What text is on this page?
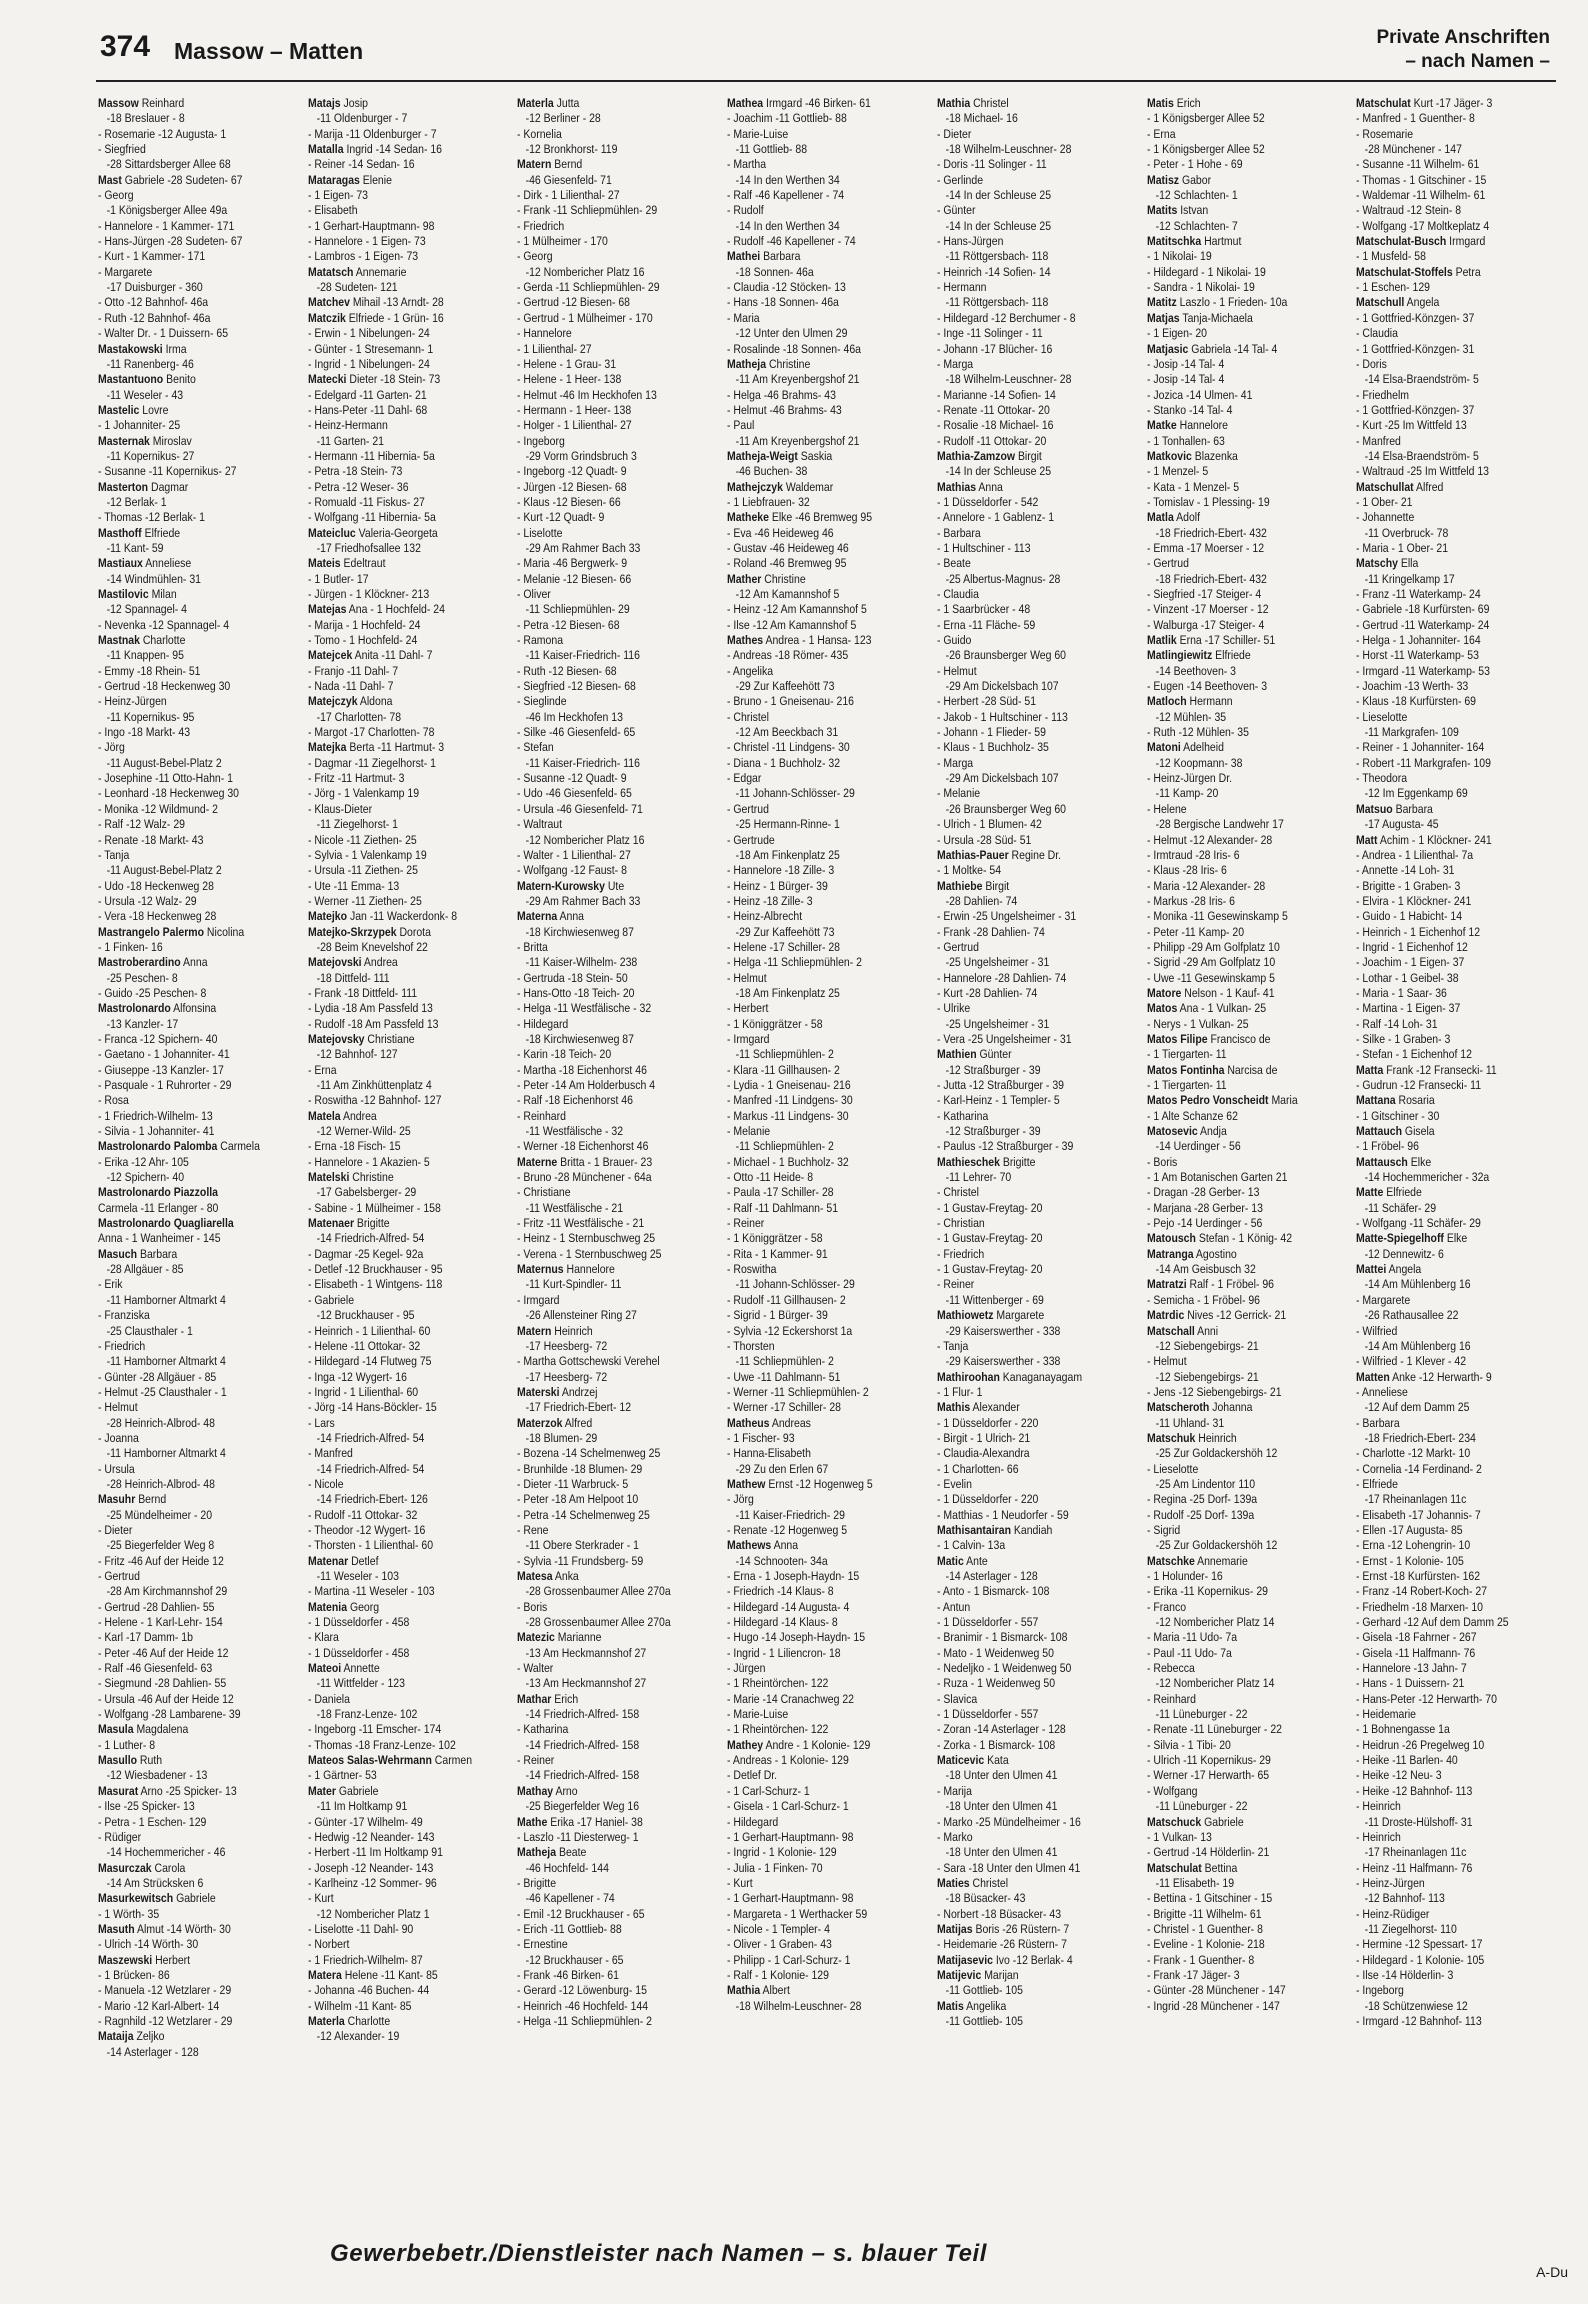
374 Massow – Matten
Private Anschriften
– nach Namen –
Massow Reinhard
-18 Breslauer - 8
- Rosemarie -12 Augusta- 1
- Siegfried
-28 Sittardsberger Allee 68
Mast Gabriele -28 Sudeten- 67
- Georg
-1 Königsberger Allee 49a
- Hannelore - 1 Kammer- 171
- Hans-Jürgen -28 Sudeten- 67
- Kurt - 1 Kammer- 171
- Margarete
-17 Duisburger - 360
- Otto -12 Bahnhof- 46a
- Ruth -12 Bahnhof- 46a
- Walter Dr. - 1 Duissern- 65
Mastakowski Irma
-11 Ranenberg- 46
Mastantuono Benito
-11 Weseler - 43
Mastelic Lovre
- 1 Johanniter- 25
Masternak Miroslav
-11 Kopernikus- 27
- Susanne -11 Kopernikus- 27
Masterton Dagmar
-12 Berlak- 1
- Thomas -12 Berlak- 1
Masthoff Elfriede
-11 Kant- 59
Mastiaux Anneliese
-14 Windmühlen- 31
Mastilovic Milan
-12 Spannagel- 4
- Nevenka -12 Spannagel- 4
Mastnak Charlotte
-11 Knappen- 95
- Emmy -18 Rhein- 51
- Gertrud -18 Heckenweg 30
- Heinz-Jürgen
-11 Kopernikus- 95
- Ingo -18 Markt- 43
- Jörg
-11 August-Bebel-Platz 2
- Josephine -11 Otto-Hahn- 1
- Leonhard -18 Heckenweg 30
- Monika -12 Wildmund- 2
- Ralf -12 Walz- 29
- Renate -18 Markt- 43
- Tanja
-11 August-Bebel-Platz 2
- Udo -18 Heckenweg 28
- Ursula -12 Walz- 29
- Vera -18 Heckenweg 28
Mastrangelo Palermo Nicolina
- 1 Finken- 16
Mastroberardino Anna
-25 Peschen- 8
- Guido -25 Peschen- 8
Mastrolonardo Alfonsina
-13 Kanzler- 17
- Franca -12 Spichern- 40
- Gaetano - 1 Johanniter- 41
- Giuseppe -13 Kanzler- 17
- Pasquale - 1 Ruhrorter - 29
- Rosa
- 1 Friedrich-Wilhelm- 13
- Silvia - 1 Johanniter- 41
Mastrolonardo Palomba Carmela
- Erika -12 Ahr- 105
-12 Spichern- 40
Mastrolonardo Piazzolla
Carmela -11 Erlanger - 80
Mastrolonardo Quagliarella
Anna - 1 Wanheimer - 145
Masuch Barbara
-28 Allgäuer - 85
- Erik
-11 Hamborner Altmarkt 4
- Franziska
-25 Clausthaler - 1
- Friedrich
-11 Hamborner Altmarkt 4
- Günter -28 Allgäuer - 85
- Helmut -25 Clausthaler - 1
- Helmut
-28 Heinrich-Albrod- 48
- Joanna
-11 Hamborner Altmarkt 4
- Ursula
-28 Heinrich-Albrod- 48
Masuhr Bernd
-25 Mündelheimer - 20
- Dieter
-25 Biegerfelder Weg 8
- Fritz -46 Auf der Heide 12
- Gertrud
-28 Am Kirchmannshof 29
- Gertrud -28 Dahlien- 55
- Helene - 1 Karl-Lehr- 154
- Karl -17 Damm- 1b
- Peter -46 Auf der Heide 12
- Ralf -46 Giesenfeld- 63
- Siegmund -28 Dahlien- 55
- Ursula -46 Auf der Heide 12
- Wolfgang -28 Lambarene- 39
Masula Magdalena
- 1 Luther- 8
Masullo Ruth
-12 Wiesbadener - 13
Masurat Arno -25 Spicker- 13
- Ilse -25 Spicker- 13
- Petra - 1 Eschen- 129
- Rüdiger
-14 Hochemmericher - 46
Masurczak Carola
-14 Am Strücksken 6
Masurkewitsch Gabriele
- 1 Wörth- 35
Masuth Almut -14 Wörth- 30
- Ulrich -14 Wörth- 30
Maszewski Herbert
- 1 Brücken- 86
- Manuela -12 Wetzlarer - 29
- Mario -12 Karl-Albert- 14
- Ragnhild -12 Wetzlarer - 29
Mataija Zeljko
-14 Asterlager - 128
Matajs Josip
-11 Oldenburger - 7
- Marija -11 Oldenburger - 7
Matalla Ingrid -14 Sedan- 16
- Reiner -14 Sedan- 16
Mataragas Elenie
- 1 Eigen- 73
- Elisabeth
- 1 Gerhart-Hauptmann- 98
- Hannelore - 1 Eigen- 73
- Lambros - 1 Eigen- 73
Matatsch Annemarie
-28 Sudeten- 121
Matchev Mihail -13 Arndt- 28
Matczik Elfriede - 1 Grün- 16
- Erwin - 1 Nibelungen- 24
- Günter - 1 Stresemann- 1
- Ingrid - 1 Nibelungen- 24
Matecki Dieter -18 Stein- 73
- Edelgard -11 Garten- 21
- Hans-Peter -11 Dahl- 68
- Heinz-Hermann
-11 Garten- 21
- Hermann -11 Hibernia- 5a
- Petra -18 Stein- 73
- Petra -12 Weser- 36
- Romuald -11 Fiskus- 27
- Wolfgang -11 Hibernia- 5a
Mateicluc Valeria-Georgeta
-17 Friedhofsallee 132
Mateis Edeltraut
- 1 Butler- 17
- Jürgen - 1 Klöckner- 213
Matejas Ana - 1 Hochfeld- 24
- Marija - 1 Hochfeld- 24
- Tomo - 1 Hochfeld- 24
Matejcek Anita -11 Dahl- 7
- Franjo -11 Dahl- 7
- Nada -11 Dahl- 7
Matejczyk Aldona
-17 Charlotten- 78
- Margot -17 Charlotten- 78
Matejka Berta -11 Hartmut- 3
- Dagmar -11 Ziegelhorst- 1
- Fritz -11 Hartmut- 3
- Jörg - 1 Valenkamp 19
- Klaus-Dieter
-11 Ziegelhorst- 1
- Nicole -11 Ziethen- 25
- Sylvia - 1 Valenkamp 19
- Ursula -11 Ziethen- 25
- Ute -11 Emma- 13
- Werner -11 Ziethen- 25
Matejko Jan -11 Wackerdonk- 8
Matejko-Skrzypek Dorota
-28 Beim Knevelshof 22
Matejovski Andrea
-18 Dittfeld- 111
- Frank -18 Dittfeld- 111
- Lydia -18 Am Passfeld 13
- Rudolf -18 Am Passfeld 13
Matejovsky Christiane
-12 Bahnhof- 127
- Erna
-11 Am Zinkhüttenplatz 4
- Roswitha -12 Bahnhof- 127
Matela Andrea
-12 Werner-Wild- 25
- Erna -18 Fisch- 15
- Hannelore - 1 Akazien- 5
Matelski Christine
-17 Gabelsberger- 29
- Sabine - 1 Mülheimer - 158
Matenaer Brigitte
-14 Friedrich-Alfred- 54
- Dagmar -25 Kegel- 92a
- Detlef -12 Bruckhauser - 95
- Elisabeth - 1 Wintgens- 118
- Gabriele
-12 Bruckhauser - 95
- Heinrich - 1 Lilienthal- 60
- Helene -11 Ottokar- 32
- Hildegard -14 Flutweg 75
- Inga -12 Wygert- 16
- Ingrid - 1 Lilienthal- 60
- Jörg -14 Hans-Böckler- 15
- Lars
-14 Friedrich-Alfred- 54
- Manfred
-14 Friedrich-Alfred- 54
- Nicole
-14 Friedrich-Ebert- 126
- Rudolf -11 Ottokar- 32
- Theodor -12 Wygert- 16
- Thorsten - 1 Lilienthal- 60
Matenar Detlef
-11 Weseler - 103
- Martina -11 Weseler - 103
Matenia Georg
- 1 Düsseldorfer - 458
- Klara
- 1 Düsseldorfer - 458
Mateoi Annette
-11 Wittfelder - 123
- Daniela
-18 Franz-Lenze- 102
- Ingeborg -11 Emscher- 174
- Thomas -18 Franz-Lenze- 102
Mateos Salas-Wehrmann Carmen
- 1 Gärtner- 53
Mater Gabriele
-11 Im Holtkamp 91
- Günter -17 Wilhelm- 49
- Hedwig -12 Neander- 143
- Herbert -11 Im Holtkamp 91
- Joseph -12 Neander- 143
- Karlheinz -12 Sommer- 96
- Kurt
-12 Nombericher Platz 1
- Liselotte -11 Dahl- 90
- Norbert
- 1 Friedrich-Wilhelm- 87
Matera Helene -11 Kant- 85
- Johanna -46 Buchen- 44
- Wilhelm -11 Kant- 85
Materla Charlotte
-12 Alexander- 19
Materla Jutta
-12 Berliner - 28
- Kornelia
-12 Bronkhorst- 119
Matern Bernd
-46 Giesenfeld- 71
- Dirk - 1 Lilienthal- 27
- Frank -11 Schliepmühlen- 29
- Friedrich
- 1 Mülheimer - 170
- Georg
-12 Nombericher Platz 16
- Gerda -11 Schliepmühlen- 29
- Gertrud -12 Biesen- 68
- Gertrud - 1 Mülheimer - 170
- Hannelore
- 1 Lilienthal- 27
- Helene - 1 Grau- 31
- Helene - 1 Heer- 138
- Helmut -46 Im Heckhofen 13
- Hermann - 1 Heer- 138
- Holger - 1 Lilienthal- 27
- Ingeborg
-29 Vorm Grindsbruch 3
- Ingeborg -12 Quadt- 9
- Jürgen -12 Biesen- 68
- Klaus -12 Biesen- 66
- Kurt -12 Quadt- 9
- Liselotte
-29 Am Rahmer Bach 33
- Maria -46 Bergwerk- 9
- Melanie -12 Biesen- 66
- Oliver
-11 Schliepmühlen- 29
- Petra -12 Biesen- 68
- Ramona
-11 Kaiser-Friedrich- 116
- Ruth -12 Biesen- 68
- Siegfried -12 Biesen- 68
- Sieglinde
-46 Im Heckhofen 13
- Silke -46 Giesenfeld- 65
- Stefan
-11 Kaiser-Friedrich- 116
- Susanne -12 Quadt- 9
- Udo -46 Giesenfeld- 65
- Ursula -46 Giesenfeld- 71
- Waltraut
-12 Nombericher Platz 16
- Walter - 1 Lilienthal- 27
- Wolfgang -12 Faust- 8
Matern-Kurowsky Ute
-29 Am Rahmer Bach 33
Materna Anna
-18 Kirchwiesenweg 87
- Britta
-11 Kaiser-Wilhelm- 238
- Gertruda -18 Stein- 50
- Hans-Otto -18 Teich- 20
- Helga -11 Westfälische - 32
- Hildegard
-18 Kirchwiesenweg 87
- Karin -18 Teich- 20
- Martha -18 Eichenhorst 46
- Peter -14 Am Holderbusch 4
- Ralf -18 Eichenhorst 46
- Reinhard
-11 Westfälische - 32
- Werner -18 Eichenhorst 46
Materne Britta - 1 Brauer- 23
- Bruno -28 Münchener - 64a
- Christiane
-11 Westfälische - 21
- Fritz -11 Westfälische - 21
- Heinz - 1 Sternbuschweg 25
- Verena - 1 Sternbuschweg 25
Maternus Hannelore
-11 Kurt-Spindler- 11
- Irmgard
-26 Allensteiner Ring 27
Matern Heinrich
-17 Heesberg- 72
- Martha Gottschewski Verehel
-17 Heesberg- 72
Materski Andrzej
-17 Friedrich-Ebert- 12
Materzok Alfred
-18 Blumen- 29
- Bozena -14 Schelmenweg 25
- Brunhilde -18 Blumen- 29
- Dieter -11 Warbruck- 5
- Peter -18 Am Helpoot 10
- Petra -14 Schelmenweg 25
- Rene
-11 Obere Sterkrader - 1
- Sylvia -11 Frundsberg- 59
Matesa Anka
-28 Grossenbaumer Allee 270a
- Boris
-28 Grossenbaumer Allee 270a
Matezic Marianne
-13 Am Heckmannshof 27
- Walter
-13 Am Heckmannshof 27
Mathar Erich
-14 Friedrich-Alfred- 158
- Katharina
-14 Friedrich-Alfred- 158
- Reiner
-14 Friedrich-Alfred- 158
Mathay Arno
-25 Biegerfelder Weg 16
Mathe Erika -17 Haniel- 38
- Laszlo -11 Diesterweg- 1
Matheja Beate
-46 Hochfeld- 144
- Brigitte
-46 Kapellener - 74
- Emil -12 Bruckhauser - 65
- Erich -11 Gottlieb- 88
- Ernestine
-12 Bruckhauser - 65
- Frank -46 Birken- 61
- Gerard -12 Löwenburg- 15
- Heinrich -46 Hochfeld- 144
- Helga -11 Schliepmühlen- 2
Mathea Irmgard -46 Birken- 61
- Joachim -11 Gottlieb- 88
- Marie-Luise
-11 Gottlieb- 88
- Martha
-14 In den Werthen 34
- Ralf -46 Kapellener - 74
- Rudolf
-14 In den Werthen 34
- Rudolf -46 Kapellener - 74
Mathei Barbara
-18 Sonnen- 46a
- Claudia -12 Stöcken- 13
- Hans -18 Sonnen- 46a
- Maria
-12 Unter den Ulmen 29
- Rosalinde -18 Sonnen- 46a
Matheja Christine
-11 Am Kreyenbergshof 21
- Helga -46 Brahms- 43
- Helmut -46 Brahms- 43
- Paul
-11 Am Kreyenbergshof 21
Matheja-Weigt Saskia
-46 Buchen- 38
Mathejczyk Waldemar
- 1 Liebfrauen- 32
Matheke Elke -46 Bremweg 95
- Eva -46 Heideweg 46
- Gustav -46 Heideweg 46
- Roland -46 Bremweg 95
Mather Christine
-12 Am Kamannshof 5
- Heinz -12 Am Kamannshof 5
- Ilse -12 Am Kamannshof 5
Mathes Andrea - 1 Hansa- 123
- Andreas -18 Römer- 435
- Angelika
-29 Zur Kaffeehött 73
- Bruno - 1 Gneisenau- 216
- Christel
-12 Am Beeckbach 31
- Christel -11 Lindgens- 30
- Diana - 1 Buchholz- 32
- Edgar
-11 Johann-Schlösser- 29
- Gertrud
-25 Hermann-Rinne- 1
- Gertrude
-18 Am Finkenplatz 25
- Hannelore -18 Zille- 3
- Heinz - 1 Bürger- 39
- Heinz -18 Zille- 3
- Heinz-Albrecht
-29 Zur Kaffeehött 73
- Helene -17 Schiller- 28
- Helga -11 Schliepmühlen- 2
- Helmut
-18 Am Finkenplatz 25
- Herbert
- 1 Königgrätzer - 58
- Irmgard
-11 Schliepmühlen- 2
- Klara -11 Gillhausen- 2
- Lydia - 1 Gneisenau- 216
- Manfred -11 Lindgens- 30
- Markus -11 Lindgens- 30
- Melanie
-11 Schliepmühlen- 2
- Michael - 1 Buchholz- 32
- Otto -11 Heide- 8
- Paula -17 Schiller- 28
- Ralf -11 Dahlmann- 51
- Reiner
- 1 Königgrätzer - 58
- Rita - 1 Kammer- 91
- Roswitha
-11 Johann-Schlösser- 29
- Rudolf -11 Gillhausen- 2
- Sigrid - 1 Bürger- 39
- Sylvia -12 Eckershorst 1a
- Thorsten
-11 Schliepmühlen- 2
- Uwe -11 Dahlmann- 51
- Werner -11 Schliepmühlen- 2
- Werner -17 Schiller- 28
Matheus Andreas
- 1 Fischer- 93
- Hanna-Elisabeth
-29 Zu den Erlen 67
Mathew Ernst -12 Hogenweg 5
- Jörg
-11 Kaiser-Friedrich- 29
- Renate -12 Hogenweg 5
Mathews Anna
-14 Schnooten- 34a
- Erna - 1 Joseph-Haydn- 15
- Friedrich -14 Klaus- 8
- Hildegard -14 Augusta- 4
- Hildegard -14 Klaus- 8
- Hugo -14 Joseph-Haydn- 15
- Ingrid - 1 Liliencron- 18
- Jürgen
- 1 Rheintörchen- 122
- Marie -14 Cranachweg 22
- Marie-Luise
- 1 Rheintörchen- 122
Mathey Andre - 1 Kolonie- 129
- Andreas - 1 Kolonie- 129
- Detlef Dr.
- 1 Carl-Schurz- 1
- Gisela - 1 Carl-Schurz- 1
- Hildegard
- 1 Gerhart-Hauptmann- 98
- Ingrid - 1 Kolonie- 129
- Julia - 1 Finken- 70
- Kurt
- 1 Gerhart-Hauptmann- 98
- Margareta - 1 Werthacker 59
- Nicole - 1 Templer- 4
- Oliver - 1 Graben- 43
- Philipp - 1 Carl-Schurz- 1
- Ralf - 1 Kolonie- 129
Mathia Albert
-18 Wilhelm-Leuschner- 28
Mathia Christel
-18 Michael- 16
- Dieter
-18 Wilhelm-Leuschner- 28
- Doris -11 Solinger - 11
- Gerlinde
-14 In der Schleuse 25
- Günter
-14 In der Schleuse 25
- Hans-Jürgen
-11 Röttgersbach- 118
- Heinrich -14 Sofien- 14
- Hermann
-11 Röttgersbach- 118
- Hildegard -12 Berchumer - 8
- Inge -11 Solinger - 11
- Johann -17 Blücher- 16
- Marga
-18 Wilhelm-Leuschner- 28
- Marianne -14 Sofien- 14
- Renate -11 Ottokar- 20
- Rosalie -18 Michael- 16
- Rudolf -11 Ottokar- 20
Mathia-Zamzow Birgit
-14 In der Schleuse 25
Mathias Anna
- 1 Düsseldorfer - 542
- Annelore - 1 Gablenz- 1
- Barbara
- 1 Hultschiner - 113
- Beate
-25 Albertus-Magnus- 28
- Claudia
- 1 Saarbrücker - 48
- Erna -11 Fläche- 59
- Guido
-26 Braunsberger Weg 60
- Helmut
-29 Am Dickelsbach 107
- Herbert -28 Süd- 51
- Jakob - 1 Hultschiner - 113
- Johann - 1 Flieder- 59
- Klaus - 1 Buchholz- 35
- Marga
-29 Am Dickelsbach 107
- Melanie
-26 Braunsberger Weg 60
- Ulrich - 1 Blumen- 42
- Ursula -28 Süd- 51
Mathias-Pauer Regine Dr.
- 1 Moltke- 54
Mathiebe Birgit
-28 Dahlien- 74
- Erwin -25 Ungelsheimer - 31
- Frank -28 Dahlien- 74
- Gertrud
-25 Ungelsheimer - 31
- Hannelore -28 Dahlien- 74
- Kurt -28 Dahlien- 74
- Ulrike
-25 Ungelsheimer - 31
- Vera -25 Ungelsheimer - 31
Mathien Günter
-12 Straßburger - 39
- Jutta -12 Straßburger - 39
- Karl-Heinz - 1 Templer- 5
- Katharina
-12 Straßburger - 39
- Paulus -12 Straßburger - 39
Mathieschek Brigitte
-11 Lehrer- 70
- Christel
- 1 Gustav-Freytag- 20
- Christian
- 1 Gustav-Freytag- 20
- Friedrich
- 1 Gustav-Freytag- 20
- Reiner
-11 Wittenberger - 69
Mathiowetz Margarete
-29 Kaiserswerther - 338
- Tanja
-29 Kaiserswerther - 338
Mathiroohan Kanaganayagam
- 1 Flur- 1
Mathis Alexander
- 1 Düsseldorfer - 220
- Birgit - 1 Ulrich- 21
- Claudia-Alexandra
- 1 Charlotten- 66
- Evelin
- 1 Düsseldorfer - 220
- Matthias - 1 Neudorfer - 59
Mathisantairan Kandiah
- 1 Calvin- 13a
Matic Ante
-14 Asterlager - 128
- Anto - 1 Bismarck- 108
- Antun
- 1 Düsseldorfer - 557
- Branimir - 1 Bismarck- 108
- Mato - 1 Weidenweg 50
- Nedeljko - 1 Weidenweg 50
- Ruza - 1 Weidenweg 50
- Slavica
- 1 Düsseldorfer - 557
- Zoran -14 Asterlager - 128
- Zorka - 1 Bismarck- 108
Maticevic Kata
-18 Unter den Ulmen 41
- Marija
-18 Unter den Ulmen 41
- Marko -25 Mündelheimer - 16
- Marko
-18 Unter den Ulmen 41
- Sara -18 Unter den Ulmen 41
Maties Christel
-18 Büsacker- 43
- Norbert -18 Büsacker- 43
Matijas Boris -26 Rüstern- 7
- Heidemarie -26 Rüstern- 7
Matijasevic Ivo -12 Berlak- 4
Matijevic Marijan
-11 Gottlieb- 105
Matis Angelika
-11 Gottlieb- 105
Matis Erich
- 1 Königsberger Allee 52
- Erna
- 1 Königsberger Allee 52
- Peter - 1 Hohe - 69
Matisz Gabor
-12 Schlachten- 1
Matits Istvan
-12 Schlachten- 7
Matitschka Hartmut
- 1 Nikolai- 19
- Hildegard - 1 Nikolai- 19
- Sandra - 1 Nikolai- 19
Matitz Laszlo - 1 Frieden- 10a
Matjas Tanja-Michaela
- 1 Eigen- 20
Matjasic Gabriela -14 Tal- 4
- Josip -14 Tal- 4
- Josip -14 Tal- 4
- Jozica -14 Ulmen- 41
- Stanko -14 Tal- 4
Matke Hannelore
- 1 Tonhallen- 63
Matkovic Blazenka
- 1 Menzel- 5
- Kata - 1 Menzel- 5
- Tomislav - 1 Plessing- 19
Matla Adolf
-18 Friedrich-Ebert- 432
- Emma -17 Moerser - 12
- Gertrud
-18 Friedrich-Ebert- 432
- Siegfried -17 Steiger- 4
- Vinzent -17 Moerser - 12
- Walburga -17 Steiger- 4
Matlik Erna -17 Schiller- 51
Matlingiewitz Elfriede
-14 Beethoven- 3
- Eugen -14 Beethoven- 3
Matloch Hermann
-12 Mühlen- 35
- Ruth -12 Mühlen- 35
Matoni Adelheid
-12 Koopmann- 38
- Heinz-Jürgen Dr.
-11 Kamp- 20
- Helene
-28 Bergische Landwehr 17
- Helmut -12 Alexander- 28
- Irmtraud -28 Iris- 6
- Klaus -28 Iris- 6
- Maria -12 Alexander- 28
- Markus -28 Iris- 6
- Monika -11 Gesewinskamp 5
- Peter -11 Kamp- 20
- Philipp -29 Am Golfplatz 10
- Sigrid -29 Am Golfplatz 10
- Uwe -11 Gesewinskamp 5
Matore Nelson - 1 Kauf- 41
Matos Ana - 1 Vulkan- 25
- Nerys - 1 Vulkan- 25
Matos Filipe Francisco de
- 1 Tiergarten- 11
Matos Fontinha Narcisa de
- 1 Tiergarten- 11
Matos Pedro Vonscheidt Maria
- 1 Alte Schanze 62
Matosevic Andja
-14 Uerdinger - 56
- Boris
- 1 Am Botanischen Garten 21
- Dragan -28 Gerber- 13
- Marjana -28 Gerber- 13
- Pejo -14 Uerdinger - 56
Matousch Stefan - 1 König- 42
Matranga Agostino
-14 Am Geisbusch 32
Matratzi Ralf - 1 Fröbel- 96
- Semicha - 1 Fröbel- 96
Matrdic Nives -12 Gerrick- 21
Matschall Anni
-12 Siebengebirgs- 21
- Helmut
-12 Siebengebirgs- 21
- Jens -12 Siebengebirgs- 21
Matscheroth Johanna
-11 Uhland- 31
Matschuk Heinrich
-25 Zur Goldackershöh 12
- Lieselotte
-25 Am Lindentor 110
- Regina -25 Dorf- 139a
- Rudolf -25 Dorf- 139a
- Sigrid
-25 Zur Goldackershöh 12
Matschke Annemarie
- 1 Holunder- 16
- Erika -11 Kopernikus- 29
- Franco
-12 Nombericher Platz 14
- Maria -11 Udo- 7a
- Paul -11 Udo- 7a
- Rebecca
-12 Nombericher Platz 14
- Reinhard
-11 Lüneburger - 22
- Renate -11 Lüneburger - 22
- Silvia - 1 Tibi- 20
- Ulrich -11 Kopernikus- 29
- Werner -17 Herwarth- 65
- Wolfgang
-11 Lüneburger - 22
Matschuck Gabriele
- 1 Vulkan- 13
- Gertrud -14 Hölderlin- 21
Matschulat Bettina
-11 Elisabeth- 19
- Bettina - 1 Gitschiner - 15
- Brigitte -11 Wilhelm- 61
- Christel - 1 Guenther- 8
- Eveline - 1 Kolonie- 218
- Frank - 1 Guenther- 8
- Frank -17 Jäger- 3
- Günter -28 Münchener - 147
- Ingrid -28 Münchener - 147
Matschulat Kurt -17 Jäger- 3
- Manfred - 1 Guenther- 8
- Rosemarie
-28 Münchener - 147
- Susanne -11 Wilhelm- 61
- Thomas - 1 Gitschiner - 15
- Waldemar -11 Wilhelm- 61
- Waltraud -12 Stein- 8
- Wolfgang -17 Moltkeplatz 4
Matschulat-Busch Irmgard
- 1 Musfeld- 58
Matschulat-Stoffels Petra
- 1 Eschen- 129
Matschull Angela
- 1 Gottfried-Könzgen- 37
- Claudia
- 1 Gottfried-Könzgen- 31
- Doris
-14 Elsa-Braendström- 5
- Friedhelm
- 1 Gottfried-Könzgen- 37
- Kurt -25 Im Wittfeld 13
- Manfred
-14 Elsa-Braendström- 5
- Waltraud -25 Im Wittfeld 13
Matschullat Alfred
- 1 Ober- 21
- Johannette
-11 Overbruck- 78
- Maria - 1 Ober- 21
Matschy Ella
-11 Kringelkamp 17
- Franz -11 Waterkamp- 24
- Gabriele -18 Kurfürsten- 69
- Gertrud -11 Waterkamp- 24
- Helga - 1 Johanniter- 164
- Horst -11 Waterkamp- 53
- Irmgard -11 Waterkamp- 53
- Joachim -13 Werth- 33
- Klaus -18 Kurfürsten- 69
- Lieselotte
-11 Markgrafen- 109
- Reiner - 1 Johanniter- 164
- Robert -11 Markgrafen- 109
- Theodora
-12 Im Eggenkamp 69
Matsuo Barbara
-17 Augusta- 45
Matt Achim - 1 Klöckner- 241
- Andrea - 1 Lilienthal- 7a
- Annette -14 Loh- 31
- Brigitte - 1 Graben- 3
- Elvira - 1 Klöckner- 241
- Guido - 1 Habicht- 14
- Heinrich - 1 Eichenhof 12
- Ingrid - 1 Eichenhof 12
- Joachim - 1 Eigen- 37
- Lothar - 1 Geibel- 38
- Maria - 1 Saar- 36
- Martina - 1 Eigen- 37
- Ralf -14 Loh- 31
- Silke - 1 Graben- 3
- Stefan - 1 Eichenhof 12
Matta Frank -12 Fransecki- 11
- Gudrun -12 Fransecki- 11
Mattana Rosaria
- 1 Gitschiner - 30
Mattauch Gisela
- 1 Fröbel- 96
Mattausch Elke
-14 Hochemmericher - 32a
Matte Elfriede
-11 Schäfer- 29
- Wolfgang -11 Schäfer- 29
Matte-Spiegelhoff Elke
-12 Dennewitz- 6
Mattei Angela
-14 Am Mühlenberg 16
- Margarete
-26 Rathausallee 22
- Wilfried
-14 Am Mühlenberg 16
- Wilfried - 1 Klever - 42
Matten Anke -12 Herwarth- 9
- Anneliese
-12 Auf dem Damm 25
- Barbara
-18 Friedrich-Ebert- 234
- Charlotte -12 Markt- 10
- Cornelia -14 Ferdinand- 2
- Elfriede
-17 Rheinanlagen 11c
- Elisabeth -17 Johannis- 7
- Ellen -17 Augusta- 85
- Erna -12 Lohengrin- 10
- Ernst - 1 Kolonie- 105
- Ernst -18 Kurfürsten- 162
- Franz -14 Robert-Koch- 27
- Friedhelm -18 Marxen- 10
- Gerhard -12 Auf dem Damm 25
- Gisela -18 Fahrner - 267
- Gisela -11 Halfmann- 76
- Hannelore -13 Jahn- 7
- Hans - 1 Duissern- 21
- Hans-Peter -12 Herwarth- 70
- Heidemarie
- 1 Bohnengasse 1a
- Heidrun -26 Pregelweg 10
- Heike -11 Barlen- 40
- Heike -12 Neu- 3
- Heike -12 Bahnhof- 113
- Heinrich
-11 Droste-Hülshoff- 31
- Heinrich
-17 Rheinanlagen 11c
- Heinz -11 Halfmann- 76
- Heinz-Jürgen
-12 Bahnhof- 113
- Heinz-Rüdiger
-11 Ziegelhorst- 110
- Hermine -12 Spessart- 17
- Hildegard - 1 Kolonie- 105
- Ilse -14 Hölderlin- 3
- Ingeborg
-18 Schützenwiese 12
- Irmgard -12 Bahnhof- 113
Gewerbebetr./Dienstleister nach Namen – s. blauer Teil
A-Du
